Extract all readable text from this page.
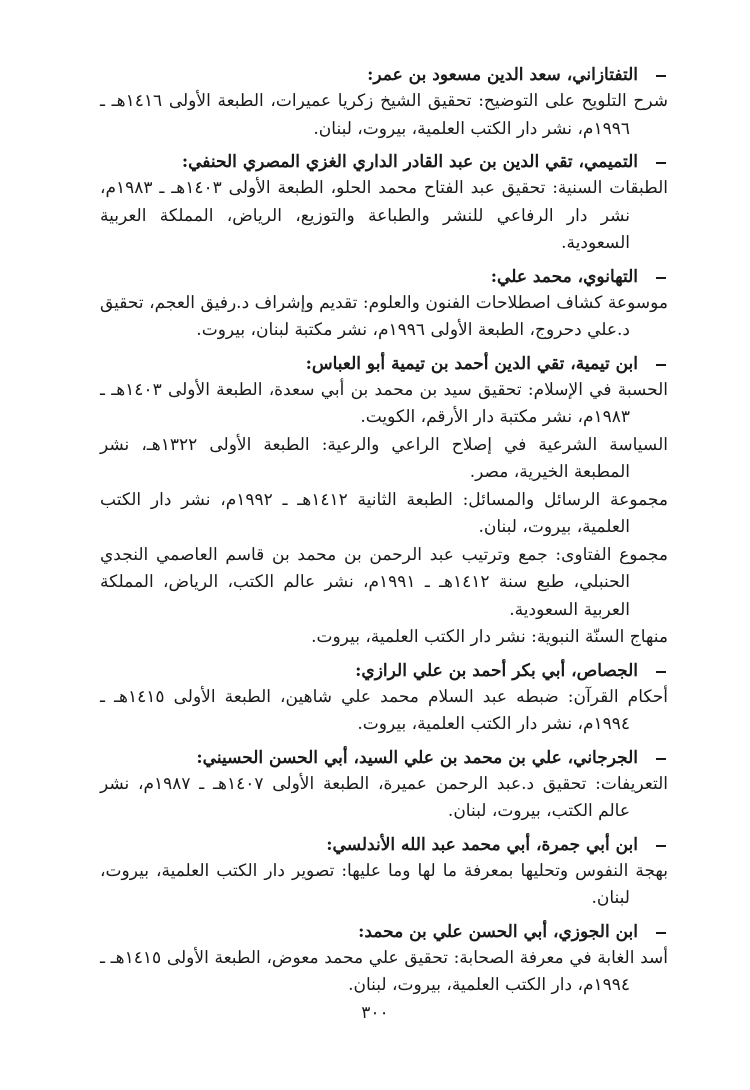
التفتازاني، سعد الدين مسعود بن عمر:
شرح التلويح على التوضيح: تحقيق الشيخ زكريا عميرات، الطبعة الأولى ١٤١٦هـ ـ ١٩٩٦م، نشر دار الكتب العلمية، بيروت، لبنان.
التميمي، تقي الدين بن عبد القادر الداري الغزي المصري الحنفي:
الطبقات السنية: تحقيق عبد الفتاح محمد الحلو، الطبعة الأولى ١٤٠٣هـ ـ ١٩٨٣م، نشر دار الرفاعي للنشر والطباعة والتوزيع، الرياض، المملكة العربية السعودية.
التهانوي، محمد علي:
موسوعة كشاف اصطلاحات الفنون والعلوم: تقديم وإشراف د.رفيق العجم، تحقيق د.علي دحروج، الطبعة الأولى ١٩٩٦م، نشر مكتبة لبنان، بيروت.
ابن تيمية، تقي الدين أحمد بن تيمية أبو العباس:
الحسبة في الإسلام: تحقيق سيد بن محمد بن أبي سعدة، الطبعة الأولى ١٤٠٣هـ ـ ١٩٨٣م، نشر مكتبة دار الأرقم، الكويت.
السياسة الشرعية في إصلاح الراعي والرعية: الطبعة الأولى ١٣٢٢هـ، نشر المطبعة الخيرية، مصر.
مجموعة الرسائل والمسائل: الطبعة الثانية ١٤١٢هـ ـ ١٩٩٢م، نشر دار الكتب العلمية، بيروت، لبنان.
مجموع الفتاوى: جمع وترتيب عبد الرحمن بن محمد بن قاسم العاصمي النجدي الحنبلي، طبع سنة ١٤١٢هـ ـ ١٩٩١م، نشر عالم الكتب، الرياض، المملكة العربية السعودية.
منهاج السنّة النبوية: نشر دار الكتب العلمية، بيروت.
الجصاص، أبي بكر أحمد بن علي الرازي:
أحكام القرآن: ضبطه عبد السلام محمد علي شاهين، الطبعة الأولى ١٤١٥هـ ـ ١٩٩٤م، نشر دار الكتب العلمية، بيروت.
الجرجاني، علي بن محمد بن علي السيد، أبي الحسن الحسيني:
التعريفات: تحقيق د.عبد الرحمن عميرة، الطبعة الأولى ١٤٠٧هـ ـ ١٩٨٧م، نشر عالم الكتب، بيروت، لبنان.
ابن أبي جمرة، أبي محمد عبد الله الأندلسي:
بهجة النفوس وتحليها بمعرفة ما لها وما عليها: تصوير دار الكتب العلمية، بيروت، لبنان.
ابن الجوزي، أبي الحسن علي بن محمد:
أسد الغابة في معرفة الصحابة: تحقيق علي محمد معوض، الطبعة الأولى ١٤١٥هـ ـ ١٩٩٤م، دار الكتب العلمية، بيروت، لبنان.
٣٠٠
